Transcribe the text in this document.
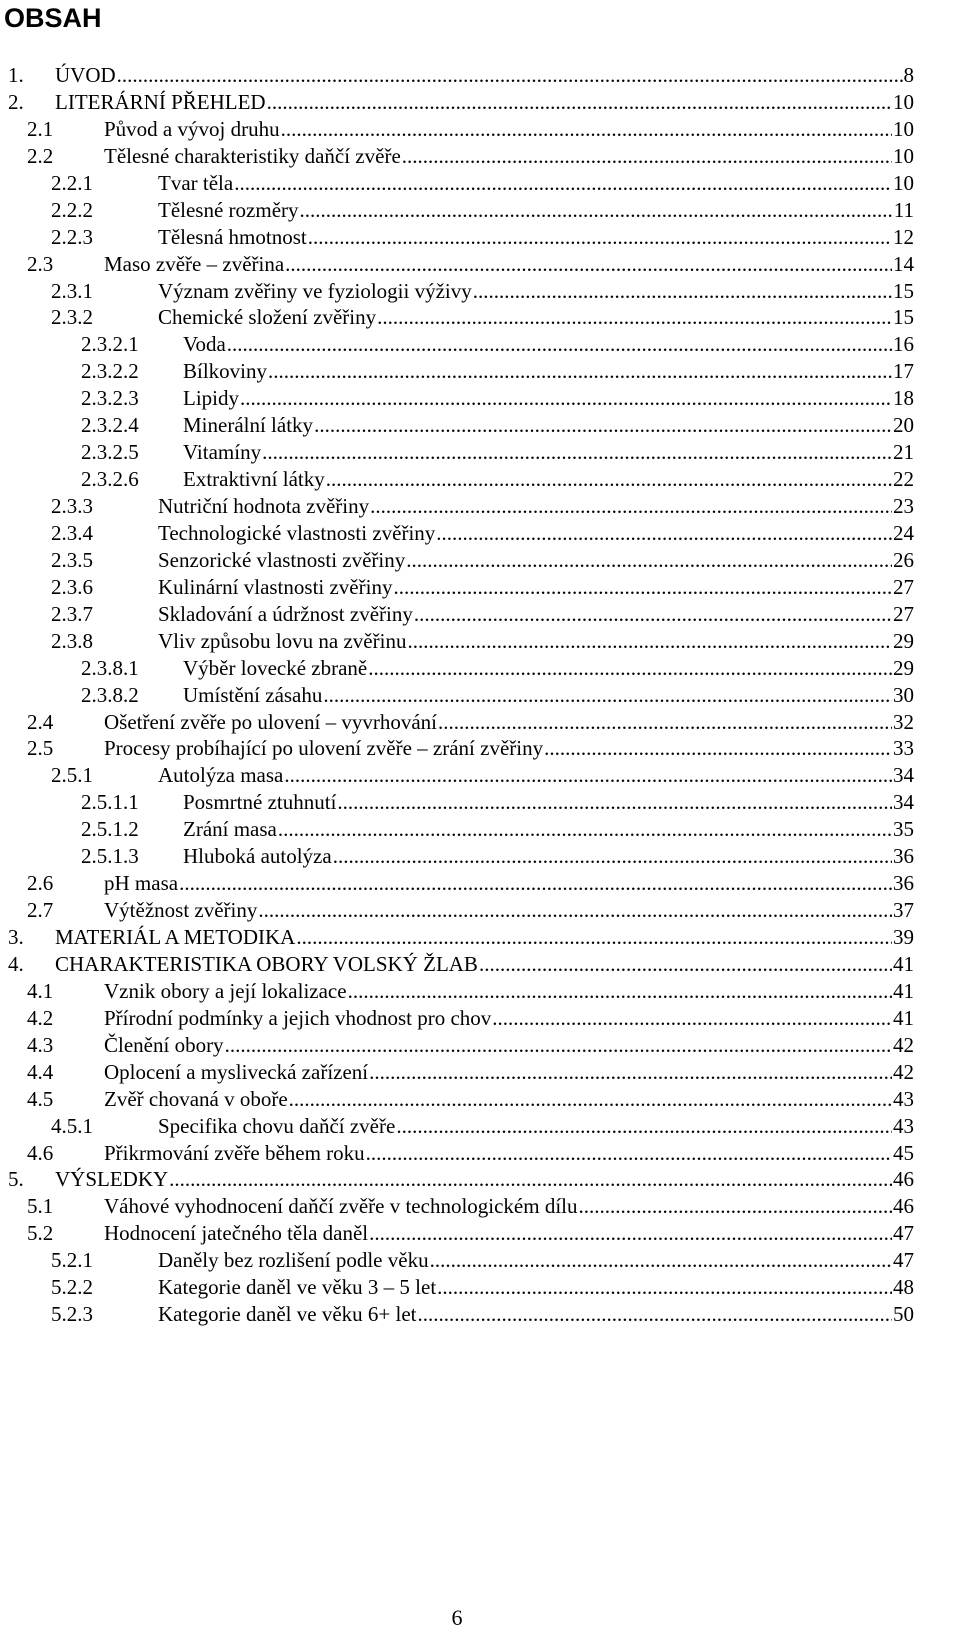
OBSAH
1.	ÚVOD .....	8
2.	LITERÁRNÍ PŘEHLED .....	10
2.1	Původ a vývoj druhu .....	10
2.2	Tělesné charakteristiky daňčí zvěře .....	10
2.2.1	Tvar těla .....	10
2.2.2	Tělesné rozměry .....	11
2.2.3	Tělesná hmotnost .....	12
2.3	Maso zvěře – zvěřina .....	14
2.3.1	Význam zvěřiny ve fyziologii výživy .....	15
2.3.2	Chemické složení zvěřiny .....	15
2.3.2.1	Voda .....	16
2.3.2.2	Bílkoviny .....	17
2.3.2.3	Lipidy .....	18
2.3.2.4	Minerální látky .....	20
2.3.2.5	Vitamíny .....	21
2.3.2.6	Extraktivní látky .....	22
2.3.3	Nutriční hodnota zvěřiny .....	23
2.3.4	Technologické vlastnosti zvěřiny .....	24
2.3.5	Senzorické vlastnosti zvěřiny .....	26
2.3.6	Kulinární vlastnosti zvěřiny .....	27
2.3.7	Skladování a údržnost zvěřiny .....	27
2.3.8	Vliv způsobu lovu na zvěřinu .....	29
2.3.8.1	Výběr lovecké zbraně .....	29
2.3.8.2	Umístění zásahu .....	30
2.4	Ošetření zvěře po ulovení – vyvrhování .....	32
2.5	Procesy probíhající po ulovení zvěře – zrání zvěřiny .....	33
2.5.1	Autolýza masa .....	34
2.5.1.1	Posmrtné ztuhnutí .....	34
2.5.1.2	Zrání masa .....	35
2.5.1.3	Hluboká autolýza .....	36
2.6	pH masa .....	36
2.7	Výtěžnost zvěřiny .....	37
3.	MATERIÁL A METODIKA .....	39
4.	CHARAKTERISTIKA OBORY VOLSKÝ ŽLAB .....	41
4.1	Vznik obory a její lokalizace .....	41
4.2	Přírodní podmínky a jejich vhodnost pro chov .....	41
4.3	Členění obory .....	42
4.4	Oplocení a myslivecká zařízení .....	42
4.5	Zvěř chovaná v oboře .....	43
4.5.1	Specifika chovu daňčí zvěře .....	43
4.6	Přikrmování zvěře během roku .....	45
5.	VÝSLEDKY .....	46
5.1	Váhové vyhodnocení daňčí zvěře v technologickém dílu .....	46
5.2	Hodnocení jatečného těla daněl .....	47
5.2.1	Daněly bez rozlišení podle věku .....	47
5.2.2	Kategorie daněl ve věku 3 – 5 let .....	48
5.2.3	Kategorie daněl ve věku 6+ let .....	50
6
